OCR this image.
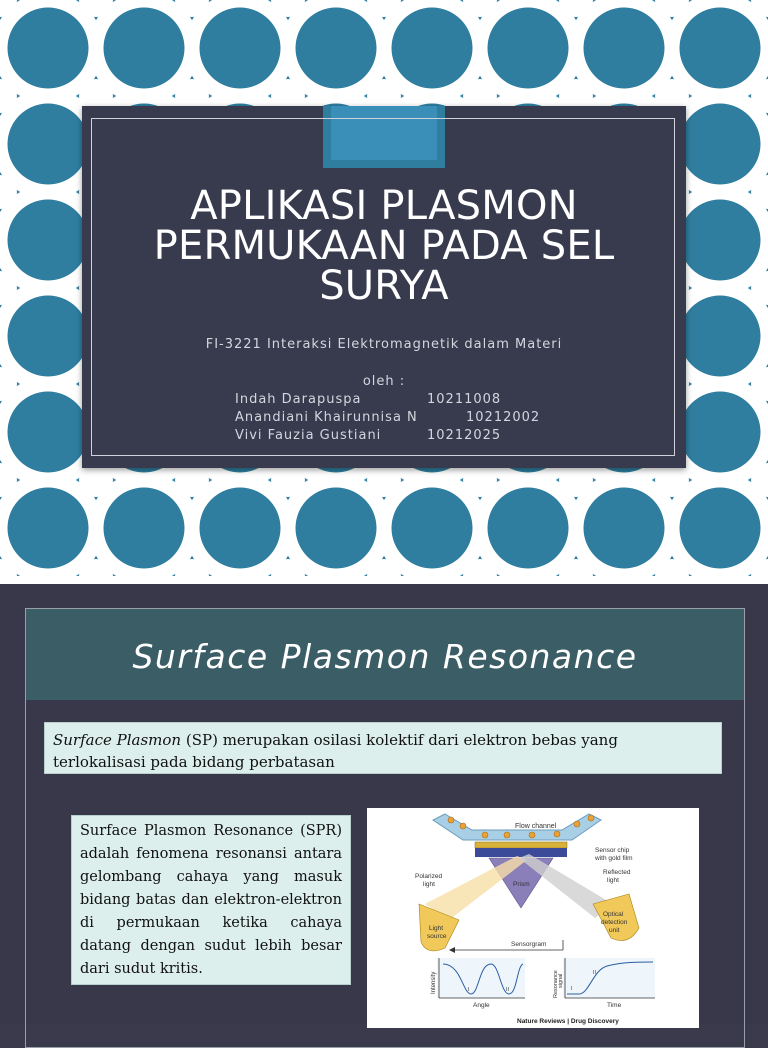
APLIKASI PLASMON
PERMUKAAN PADA SEL
SURYA
FI-3221 Interaksi Elektromagnetik dalam Materi
oleh :
Indah Darapuspa	10211008
Anandiani Khairunnisa N	10212002
Vivi Fauzia Gustiani	10212025
Surface Plasmon Resonance
Surface Plasmon (SP) merupakan osilasi kolektif dari elektron bebas yang terlokalisasi pada bidang perbatasan
Surface Plasmon Resonance (SPR) adalah fenomena resonansi antara gelombang cahaya yang masuk bidang batas dan elektron-elektron di permukaan ketika cahaya datang dengan sudut lebih besar dari sudut kritis.
Flow channel
Sensor chip
with gold film
Prism
Light
source
Polarized
light
Optical
detection
unit
Reflected
light
Sensorgram
I	II
Intensity
Angle
I
II
Resonance signal
Time
Nature Reviews | Drug Discovery
